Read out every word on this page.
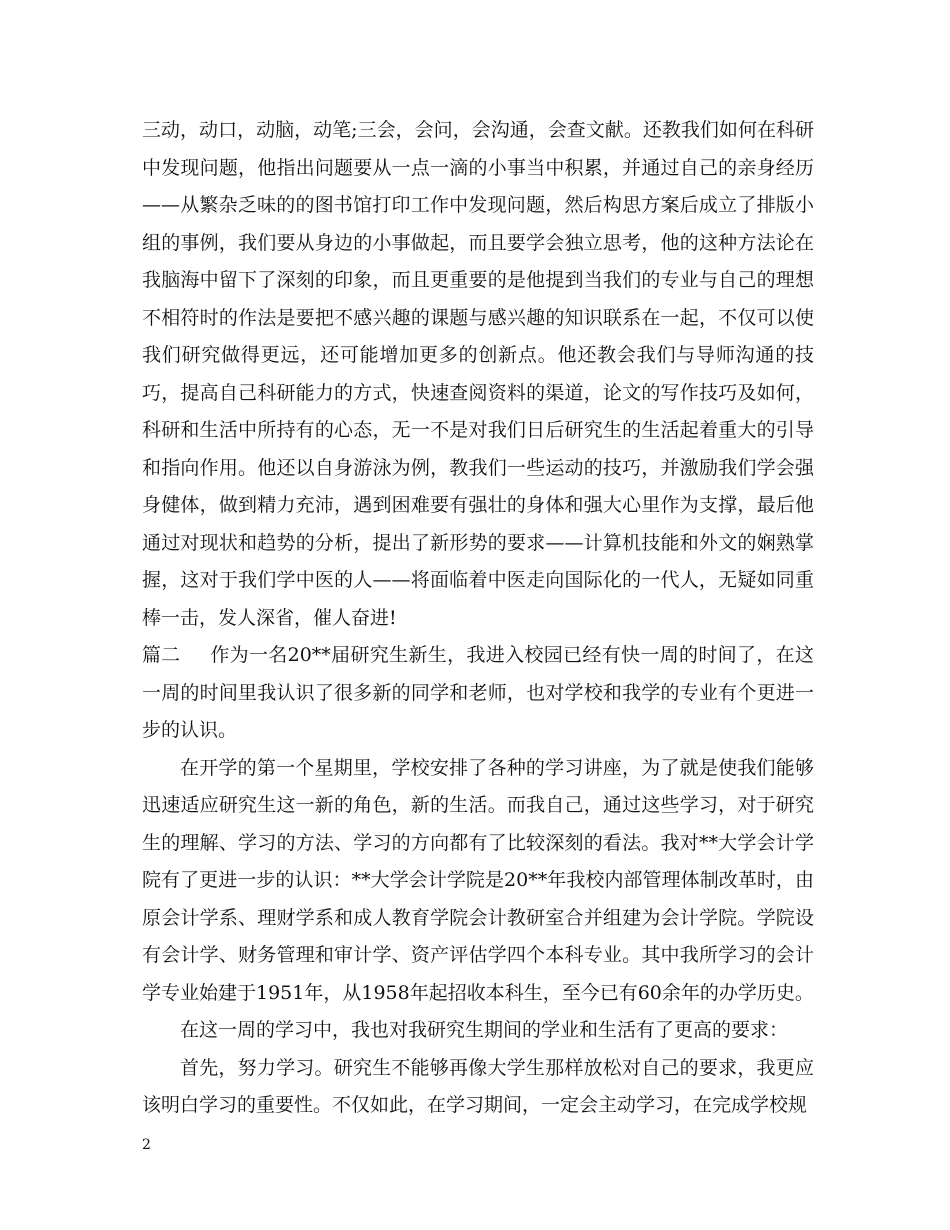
三动，动口，动脑，动笔;三会，会问，会沟通，会查文献。还教我们如何在科研中发现问题，他指出问题要从一点一滴的小事当中积累，并通过自己的亲身经历——从繁杂乏味的的图书馆打印工作中发现问题，然后构思方案后成立了排版小组的事例，我们要从身边的小事做起，而且要学会独立思考，他的这种方法论在我脑海中留下了深刻的印象，而且更重要的是他提到当我们的专业与自己的理想不相符时的作法是要把不感兴趣的课题与感兴趣的知识联系在一起，不仅可以使我们研究做得更远，还可能增加更多的创新点。他还教会我们与导师沟通的技巧，提高自己科研能力的方式，快速查阅资料的渠道，论文的写作技巧及如何，科研和生活中所持有的心态，无一不是对我们日后研究生的生活起着重大的引导和指向作用。他还以自身游泳为例，教我们一些运动的技巧，并激励我们学会强身健体，做到精力充沛，遇到困难要有强壮的身体和强大心里作为支撑，最后他通过对现状和趋势的分析，提出了新形势的要求——计算机技能和外文的娴熟掌握，这对于我们学中医的人——将面临着中医走向国际化的一代人，无疑如同重棒一击，发人深省，催人奋进!

篇二 作为一名20**届研究生新生，我进入校园已经有快一周的时间了，在这一周的时间里我认识了很多新的同学和老师，也对学校和我学的专业有个更进一步的认识。

在开学的第一个星期里，学校安排了各种的学习讲座，为了就是使我们能够迅速适应研究生这一新的角色，新的生活。而我自己，通过这些学习，对于研究生的理解、学习的方法、学习的方向都有了比较深刻的看法。我对**大学会计学院有了更进一步的认识：**大学会计学院是20**年我校内部管理体制改革时，由原会计学系、理财学系和成人教育学院会计教研室合并组建为会计学院。学院设有会计学、财务管理和审计学、资产评估学四个本科专业。其中我所学习的会计学专业始建于1951年，从1958年起招收本科生，至今已有60余年的办学历史。

在这一周的学习中，我也对我研究生期间的学业和生活有了更高的要求：

首先，努力学习。研究生不能够再像大学生那样放松对自己的要求，我更应该明白学习的重要性。不仅如此，在学习期间，一定会主动学习，在完成学校规

2
